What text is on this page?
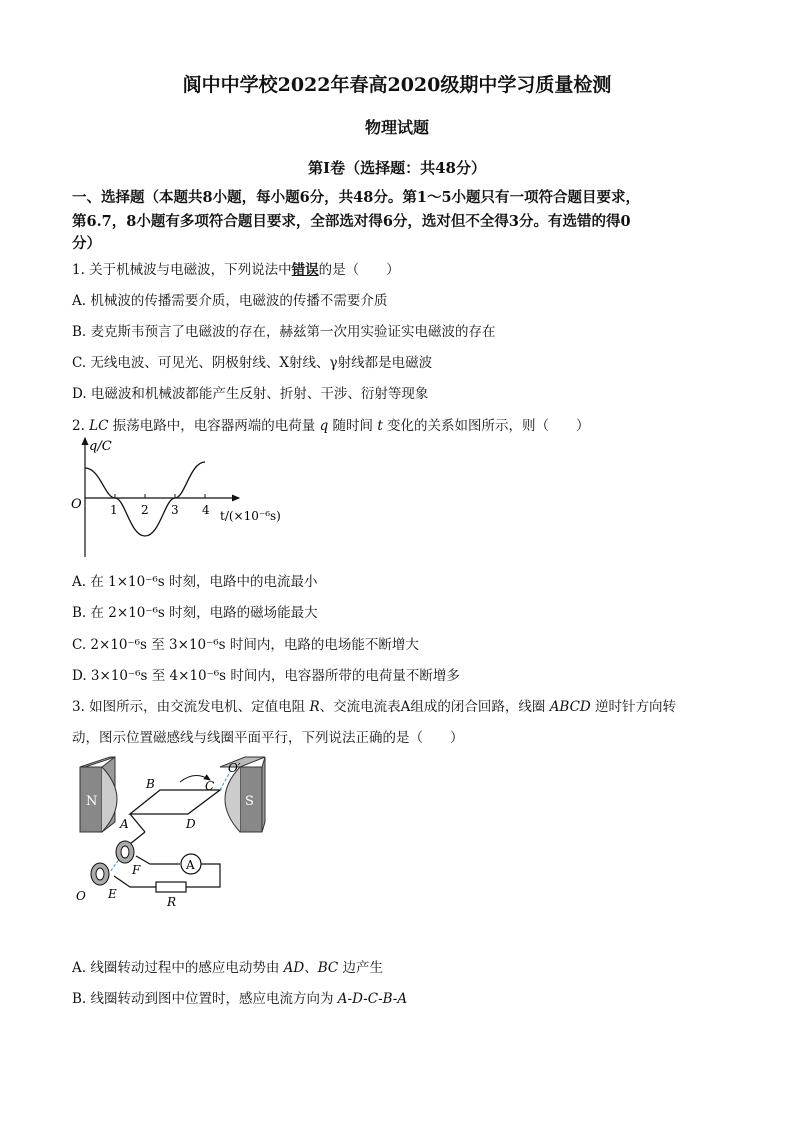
阆中中学校2022年春高2020级期中学习质量检测
物理试题
第Ⅰ卷（选择题：共48分）
一、选择题（本题共8小题，每小题6分，共48分。第1～5小题只有一项符合题目要求，
第6.7，8小题有多项符合题目要求，全部选对得6分，选对但不全得3分。有选错的得0
分）
1. 关于机械波与电磁波，下列说法中错误的是（　　）
A. 机械波的传播需要介质，电磁波的传播不需要介质
B. 麦克斯韦预言了电磁波的存在，赫兹第一次用实验证实电磁波的存在
C. 无线电波、可见光、阴极射线、X射线、γ射线都是电磁波
D. 电磁波和机械波都能产生反射、折射、干涉、衍射等现象
2. LC 振荡电路中，电容器两端的电荷量 q 随时间 t 变化的关系如图所示，则（　　）
q/C
O 1 2 3 4 t/(×10⁻⁶s)
A. 在 1×10⁻⁶s 时刻，电路中的电流最小
B. 在 2×10⁻⁶s 时刻，电路的磁场能最大
C. 2×10⁻⁶s 至 3×10⁻⁶s 时间内，电路的电场能不断增大
D. 3×10⁻⁶s 至 4×10⁻⁶s 时间内，电容器所带的电荷量不断增多
3. 如图所示，由交流发电机、定值电阻 R、交流电流表A组成的闭合回路，线圈 ABCD 逆时针方向转
动，图示位置磁感线与线圈平面平行，下列说法正确的是（　　）
N	S
B	C
D
A
O′
F
E
O
A
R
A. 线圈转动过程中的感应电动势由 AD、BC 边产生
B. 线圈转动到图中位置时，感应电流方向为 A-D-C-B-A
